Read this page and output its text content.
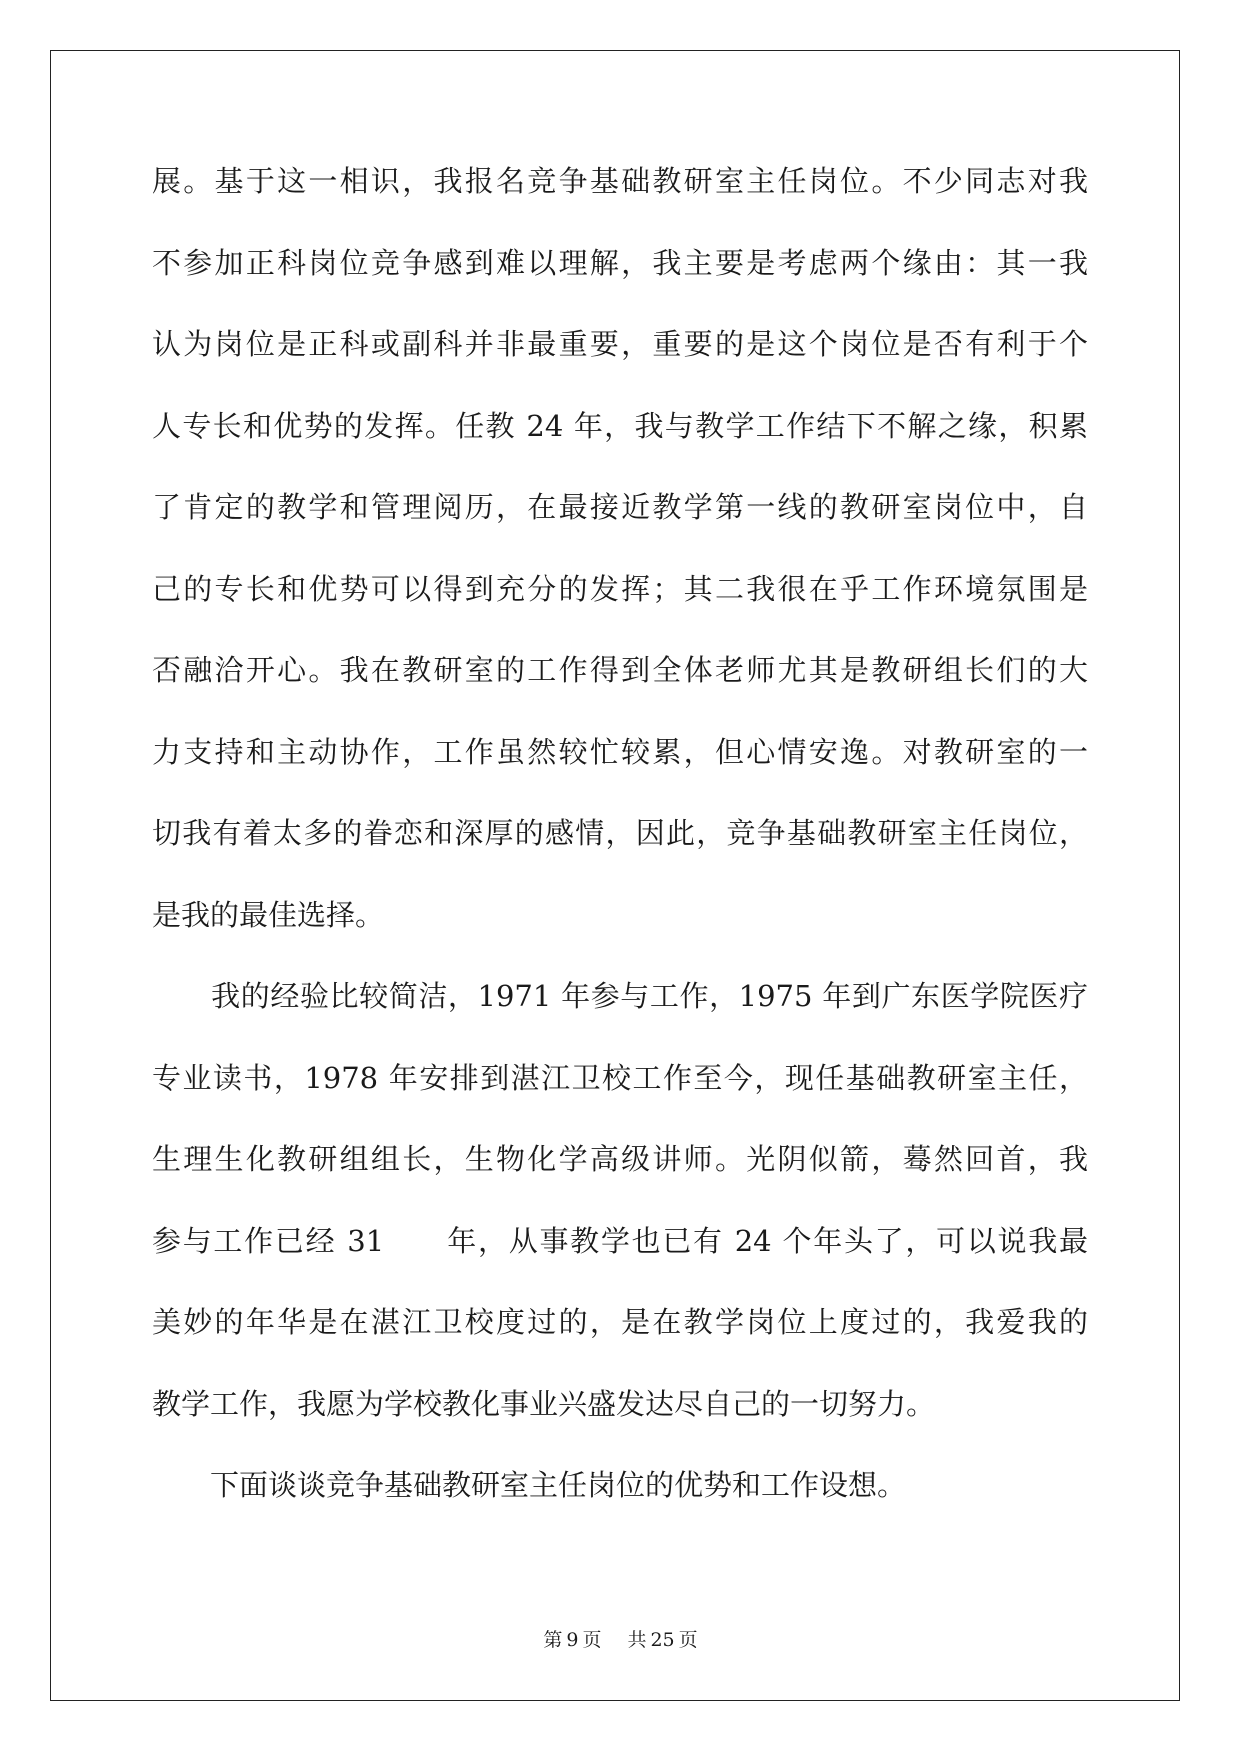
展。基于这一相识，我报名竞争基础教研室主任岗位。不少同志对我
不参加正科岗位竞争感到难以理解，我主要是考虑两个缘由：其一我
认为岗位是正科或副科并非最重要，重要的是这个岗位是否有利于个
人专长和优势的发挥。任教 24 年，我与教学工作结下不解之缘，积累
了肯定的教学和管理阅历，在最接近教学第一线的教研室岗位中，自
己的专长和优势可以得到充分的发挥；其二我很在乎工作环境氛围是
否融洽开心。我在教研室的工作得到全体老师尤其是教研组长们的大
力支持和主动协作，工作虽然较忙较累，但心情安逸。对教研室的一
切我有着太多的眷恋和深厚的感情，因此，竞争基础教研室主任岗位，
是我的最佳选择。
　　我的经验比较简洁，1971 年参与工作，1975 年到广东医学院医疗
专业读书，1978 年安排到湛江卫校工作至今，现任基础教研室主任，
生理生化教研组组长，生物化学高级讲师。光阴似箭，蓦然回首，我
参与工作已经 31　　年，从事教学也已有 24 个年头了，可以说我最
美妙的年华是在湛江卫校度过的，是在教学岗位上度过的，我爱我的
教学工作，我愿为学校教化事业兴盛发达尽自己的一切努力。
　　下面谈谈竞争基础教研室主任岗位的优势和工作设想。
第 9 页 共 25 页
